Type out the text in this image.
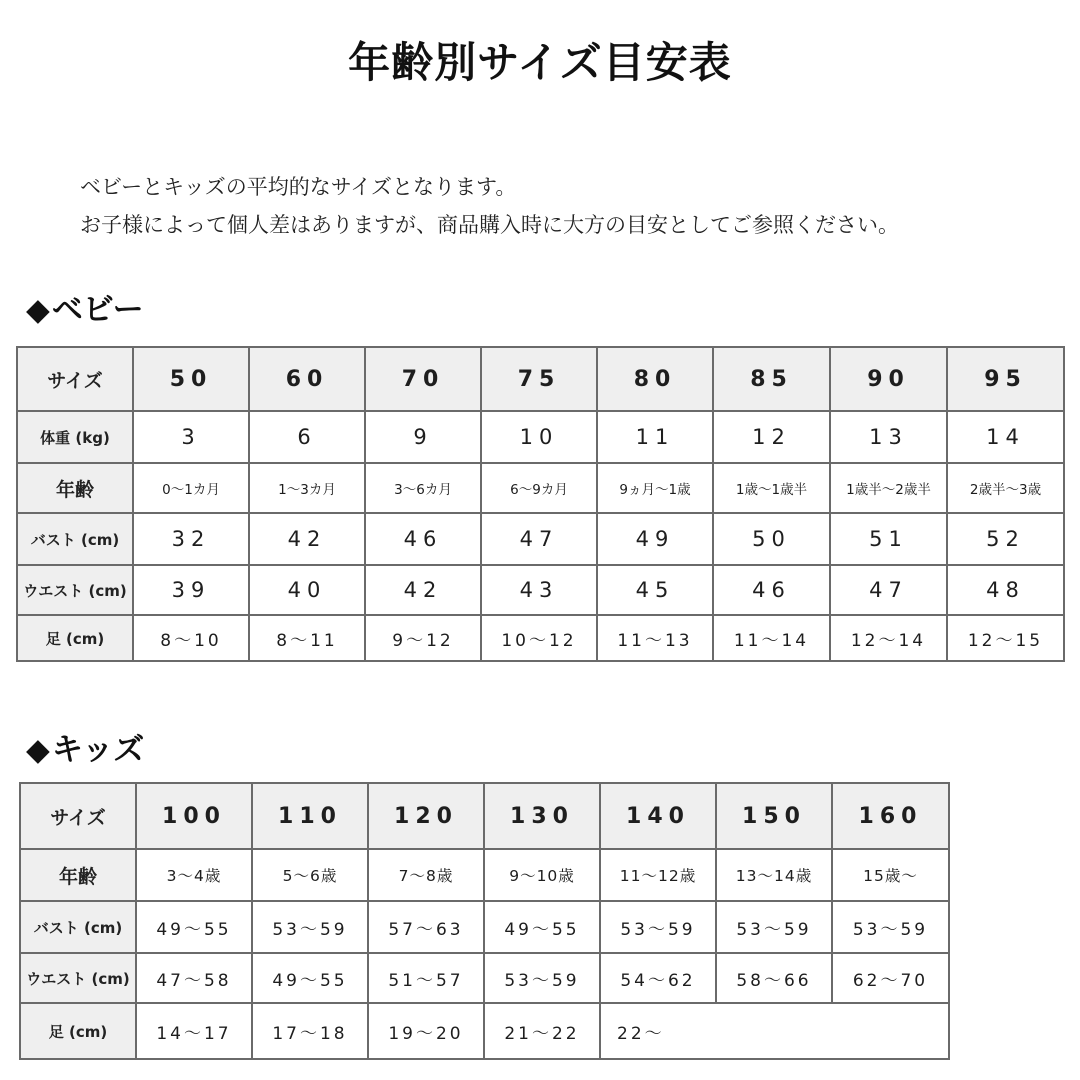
年齢別サイズ目安表
ベビーとキッズの平均的なサイズとなります。
お子様によって個人差はありますが、商品購入時に大方の目安としてご参照ください。
◆ベビー
サイズ	50	60	70	75	80	85	90	95
体重 (kg)	3	6	9	10	11	12	13	14
年齢	0〜1カ月	1〜3カ月	3〜6カ月	6〜9カ月	9ヵ月〜1歳	1歳〜1歳半	1歳半〜2歳半	2歳半〜3歳
バスト (cm)	32	42	46	47	49	50	51	52
ウエスト (cm)	39	40	42	43	45	46	47	48
足 (cm)	8〜10	8〜11	9〜12	10〜12	11〜13	11〜14	12〜14	12〜15
◆キッズ
サイズ	100	110	120	130	140	150	160
年齢	3〜4歳	5〜6歳	7〜8歳	9〜10歳	11〜12歳	13〜14歳	15歳〜
バスト (cm)	49〜55	53〜59	57〜63	49〜55	53〜59	53〜59	53〜59
ウエスト (cm)	47〜58	49〜55	51〜57	53〜59	54〜62	58〜66	62〜70
足 (cm)	14〜17	17〜18	19〜20	21〜22	22〜		
